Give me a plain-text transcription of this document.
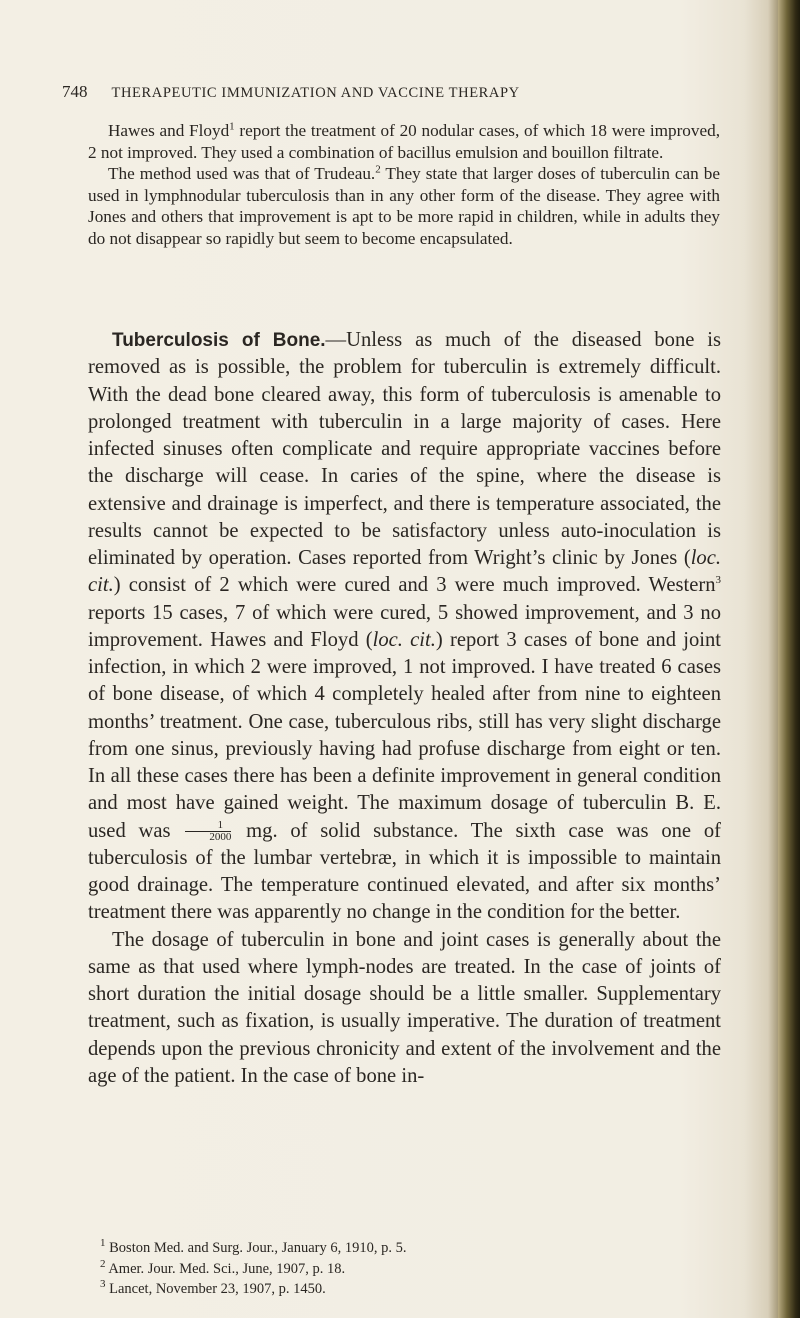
748 THERAPEUTIC IMMUNIZATION AND VACCINE THERAPY

Hawes and Floyd$^1$ report the treatment of 20 nodular cases, of which 18 were improved, 2 not improved. They used a combination of bacillus emulsion and bouillon filtrate.

The method used was that of Trudeau.$^2$ They state that larger doses of tuberculin can be used in lymphnodular tuberculosis than in any other form of the disease. They agree with Jones and others that improvement is apt to be more rapid in children, while in adults they do not disappear so rapidly but seem to become encapsulated.

Tuberculosis of Bone.—Unless as much of the diseased bone is removed as is possible, the problem for tuberculin is extremely difficult. With the dead bone cleared away, this form of tuberculosis is amenable to prolonged treatment with tuberculin in a large majority of cases. Here infected sinuses often complicate and require appropriate vaccines before the discharge will cease. In caries of the spine, where the disease is extensive and drainage is imperfect, and there is temperature associated, the results cannot be expected to be satisfactory unless auto-inoculation is eliminated by operation. Cases reported from Wright’s clinic by Jones (loc. cit.) consist of 2 which were cured and 3 were much improved. Western$^3$ reports 15 cases, 7 of which were cured, 5 showed improvement, and 3 no improvement. Hawes and Floyd (loc. cit.) report 3 cases of bone and joint infection, in which 2 were improved, 1 not improved. I have treated 6 cases of bone disease, of which 4 completely healed after from nine to eighteen months’ treatment. One case, tuberculous ribs, still has very slight discharge from one sinus, previously having had profuse discharge from eight or ten. In all these cases there has been a definite improvement in general condition and most have gained weight. The maximum dosage of tuberculin B. E. used was $\frac{1}{2000}$ mg. of solid substance. The sixth case was one of tuberculosis of the lumbar vertebræ, in which it is impossible to maintain good drainage. The temperature continued elevated, and after six months’ treatment there was apparently no change in the condition for the better.

The dosage of tuberculin in bone and joint cases is generally about the same as that used where lymph-nodes are treated. In the case of joints of short duration the initial dosage should be a little smaller. Supplementary treatment, such as fixation, is usually imperative. The duration of treatment depends upon the previous chronicity and extent of the involvement and the age of the patient. In the case of bone in-

$^1$ Boston Med. and Surg. Jour., January 6, 1910, p. 5.

$^2$ Amer. Jour. Med. Sci., June, 1907, p. 18.

$^3$ Lancet, November 23, 1907, p. 1450.
